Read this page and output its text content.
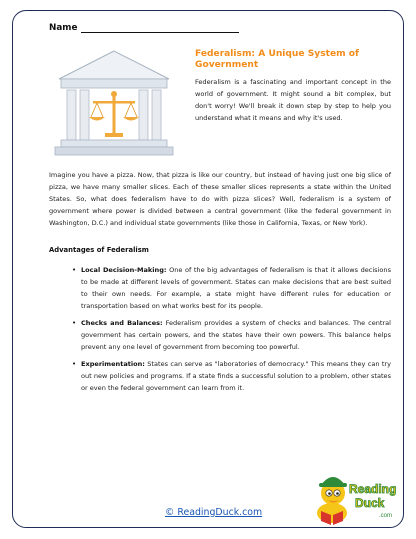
Name
Federalism: A Unique System of Government

Federalism is a fascinating and important concept in the world of government. It might sound a bit complex, but don't worry! We'll break it down step by step to help you understand what it means and why it's used.

Imagine you have a pizza. Now, that pizza is like our country, but instead of having just one big slice of pizza, we have many smaller slices. Each of these smaller slices represents a state within the United States. So, what does federalism have to do with pizza slices? Well, federalism is a system of government where power is divided between a central government (like the federal government in Washington, D.C.) and individual state governments (like those in California, Texas, or New York).

Advantages of Federalism
• Local Decision-Making: One of the big advantages of federalism is that it allows decisions to be made at different levels of government. States can make decisions that are best suited to their own needs. For example, a state might have different rules for education or transportation based on what works best for its people.
• Checks and Balances: Federalism provides a system of checks and balances. The central government has certain powers, and the states have their own powers. This balance helps prevent any one level of government from becoming too powerful.
• Experimentation: States can serve as "laboratories of democracy." This means they can try out new policies and programs. If a state finds a successful solution to a problem, other states or even the federal government can learn from it.
© ReadingDuck.com
Reading
Duck
.com
